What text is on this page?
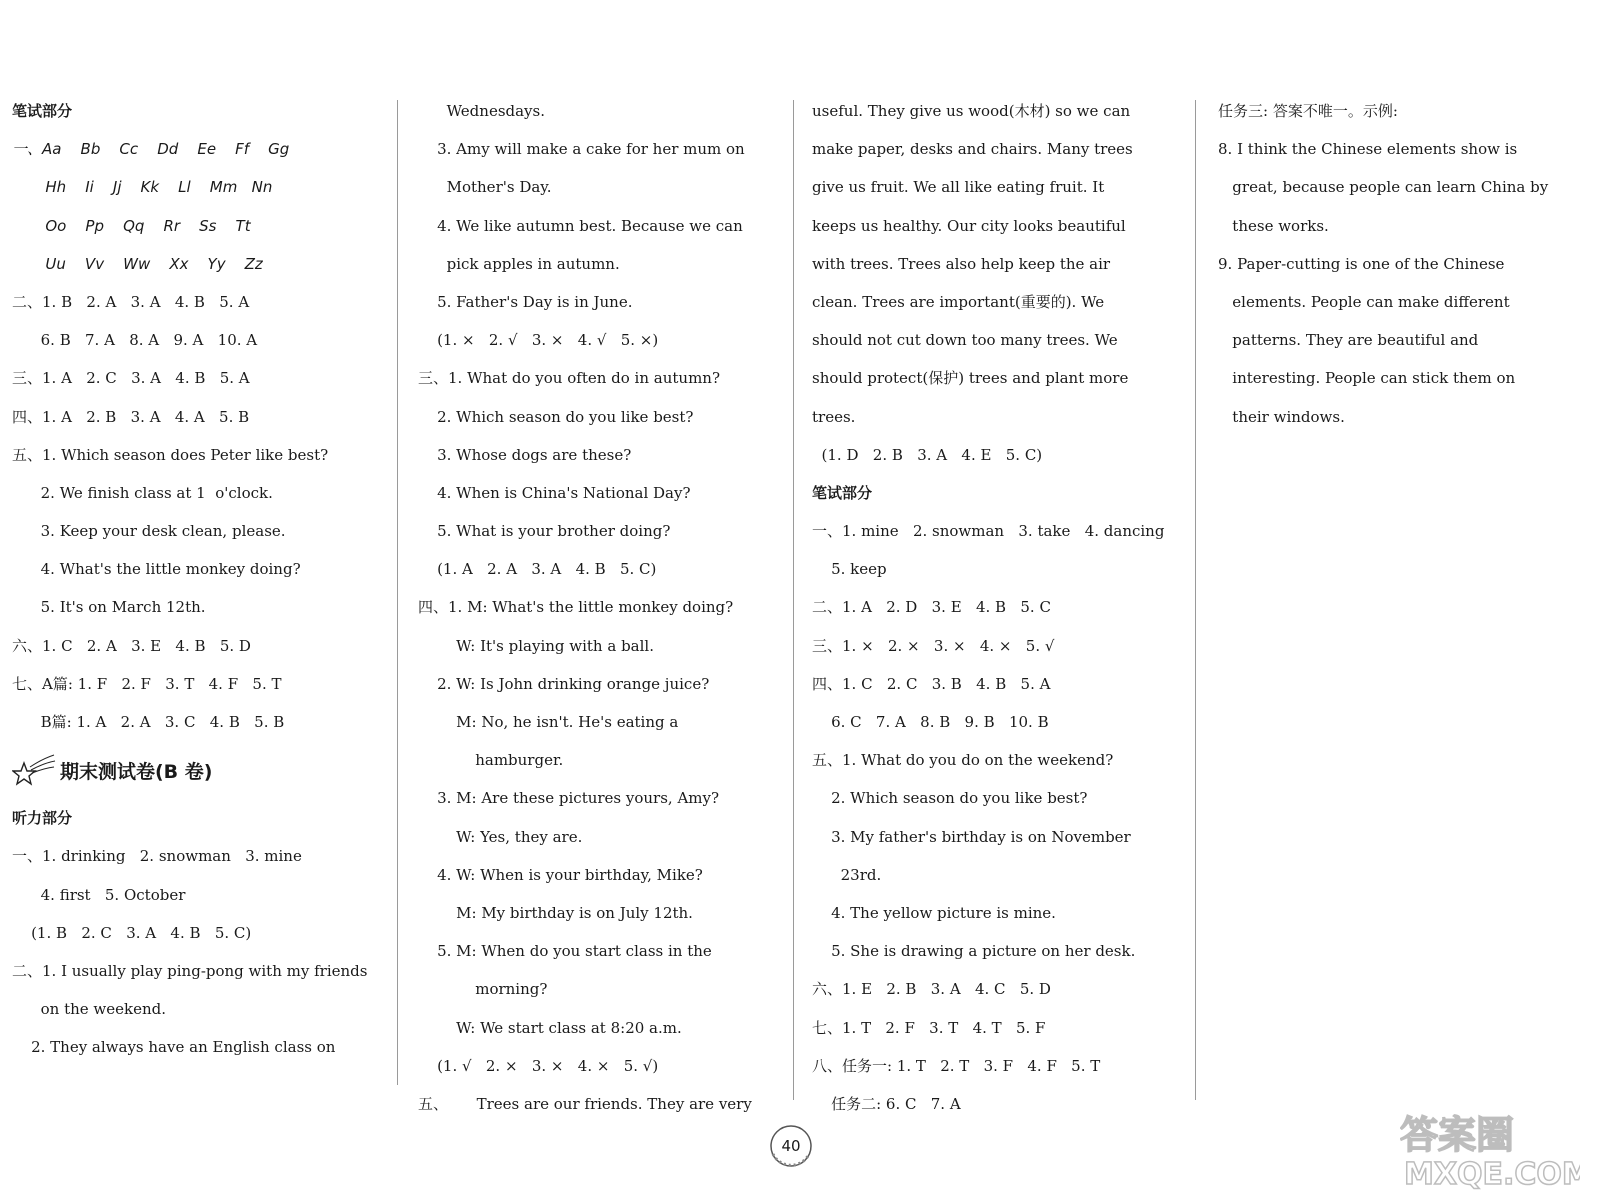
笔试部分
一、Aa    Bb    Cc    Dd    Ee    Ff    Gg
Hh    Ii    Jj    Kk    Ll    Mm   Nn
Oo    Pp    Qq    Rr    Ss    Tt
Uu    Vv    Ww    Xx    Yy    Zz
二、1. B   2. A   3. A   4. B   5. A
6. B   7. A   8. A   9. A   10. A
三、1. A   2. C   3. A   4. B   5. A
四、1. A   2. B   3. A   4. A   5. B
五、1. Which season does Peter like best?
2. We finish class at 1  o'clock.
3. Keep your desk clean, please.
4. What's the little monkey doing?
5. It's on March 12th.
六、1. C   2. A   3. E   4. B   5. D
七、A篇: 1. F   2. F   3. T   4. F   5. T
B篇: 1. A   2. A   3. C   4. B   5. B
期末测试卷(B 卷)
听力部分
一、1. drinking   2. snowman   3. mine
4. first   5. October
(1. B   2. C   3. A   4. B   5. C)
二、1. I usually play ping-pong with my friends
on the weekend.
2. They always have an English class on
Wednesdays.
3. Amy will make a cake for her mum on
Mother's Day.
4. We like autumn best. Because we can
pick apples in autumn.
5. Father's Day is in June.
(1. ×   2. √   3. ×   4. √   5. ×)
三、1. What do you often do in autumn?
2. Which season do you like best?
3. Whose dogs are these?
4. When is China's National Day?
5. What is your brother doing?
(1. A   2. A   3. A   4. B   5. C)
四、1. M: What's the little monkey doing?
W: It's playing with a ball.
2. W: Is John drinking orange juice?
M: No, he isn't. He's eating a
hamburger.
3. M: Are these pictures yours, Amy?
W: Yes, they are.
4. W: When is your birthday, Mike?
M: My birthday is on July 12th.
5. M: When do you start class in the
morning?
W: We start class at 8:20 a.m.
(1. √   2. ×   3. ×   4. ×   5. √)
五、      Trees are our friends. They are very
useful. They give us wood(木材) so we can
make paper, desks and chairs. Many trees
give us fruit. We all like eating fruit. It
keeps us healthy. Our city looks beautiful
with trees. Trees also help keep the air
clean. Trees are important(重要的). We
should not cut down too many trees. We
should protect(保护) trees and plant more
trees.
(1. D   2. B   3. A   4. E   5. C)
笔试部分
一、1. mine   2. snowman   3. take   4. dancing
5. keep
二、1. A   2. D   3. E   4. B   5. C
三、1. ×   2. ×   3. ×   4. ×   5. √
四、1. C   2. C   3. B   4. B   5. A
6. C   7. A   8. B   9. B   10. B
五、1. What do you do on the weekend?
2. Which season do you like best?
3. My father's birthday is on November
23rd.
4. The yellow picture is mine.
5. She is drawing a picture on her desk.
六、1. E   2. B   3. A   4. C   5. D
七、1. T   2. F   3. T   4. T   5. F
八、任务一: 1. T   2. T   3. F   4. F   5. T
任务二: 6. C   7. A
任务三: 答案不唯一。示例:
8. I think the Chinese elements show is
great, because people can learn China by
these works.
9. Paper-cutting is one of the Chinese
elements. People can make different
patterns. They are beautiful and
interesting. People can stick them on
their windows.
40	答案圈
MXQE.COM
